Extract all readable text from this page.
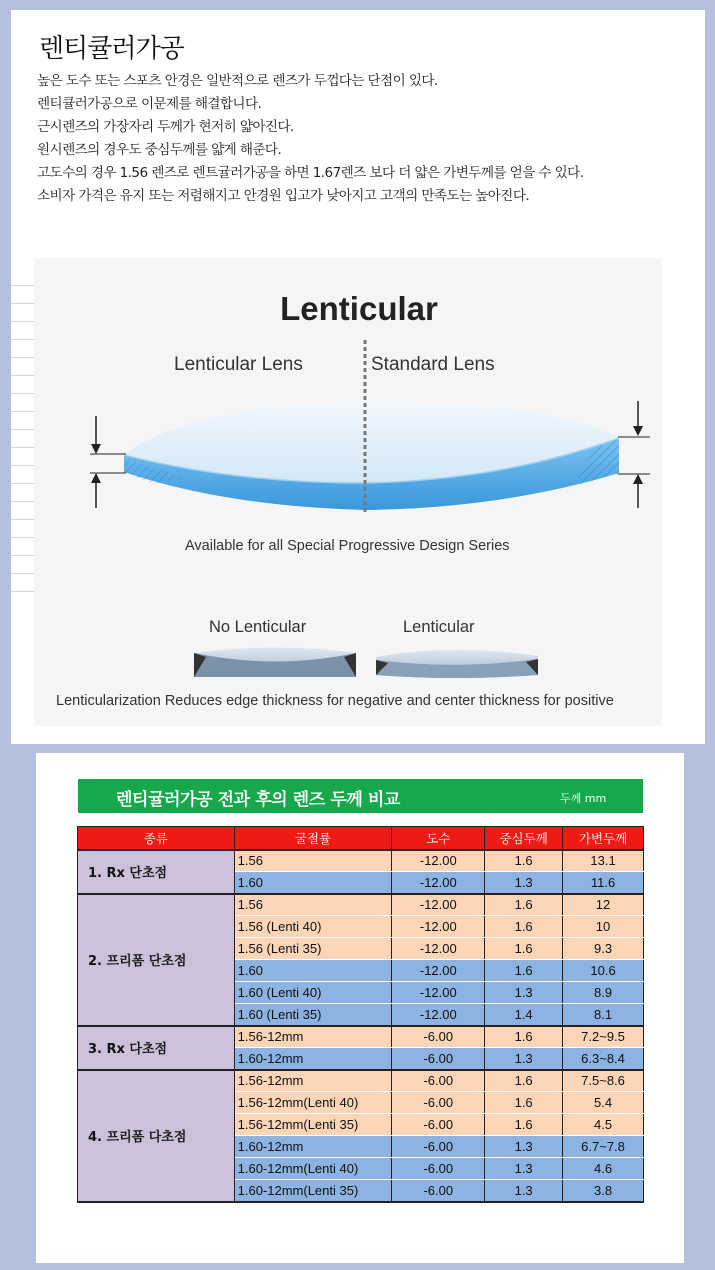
렌티큘러가공

높은 도수 또는 스포츠 안경은 일반적으로 렌즈가 두껍다는 단점이 있다.

렌티큘러가공으로 이문제를 해결합니다.

근시렌즈의 가장자리 두께가 현저히 얇아진다.

원시렌즈의 경우도 중심두께를 얇게 해준다.

고도수의 경우 1.56 렌즈로 렌트귤러가공을 하면 1.67렌즈 보다 더 얇은 가변두께를 얻을 수 있다.

소비자 가격은 유지 또는 저렴해지고 안경원 입고가 낮아지고 고객의 만족도는 높아진다.

Lenticular
Lenticular Lens	Standard Lens
Available for all Special Progressive Design Series
No Lenticular	Lenticular
Lenticularization Reduces edge thickness for negative and center thickness for positive
렌티귤러가공 전과 후의 렌즈 두께 비교	두께 mm
종류	굴절률	도수	중심두께	가변두께
1. Rx 단초점	1.56	-12.00	1.6	13.1
	1.60	-12.00	1.3	11.6
2. 프리폼 단초점	1.56	-12.00	1.6	12
	1.56 (Lenti 40)	-12.00	1.6	10
	1.56 (Lenti 35)	-12.00	1.6	9.3
	1.60	-12.00	1.6	10.6
	1.60 (Lenti 40)	-12.00	1.3	8.9
	1.60 (Lenti 35)	-12.00	1.4	8.1
3. Rx 다초점	1.56-12mm	-6.00	1.6	7.2~9.5
	1.60-12mm	-6.00	1.3	6.3~8.4
4. 프리폼 다초점	1.56-12mm	-6.00	1.6	7.5~8.6
	1.56-12mm(Lenti 40)	-6.00	1.6	5.4
	1.56-12mm(Lenti 35)	-6.00	1.6	4.5
	1.60-12mm	-6.00	1.3	6.7~7.8
	1.60-12mm(Lenti 40)	-6.00	1.3	4.6
	1.60-12mm(Lenti 35)	-6.00	1.3	3.8
